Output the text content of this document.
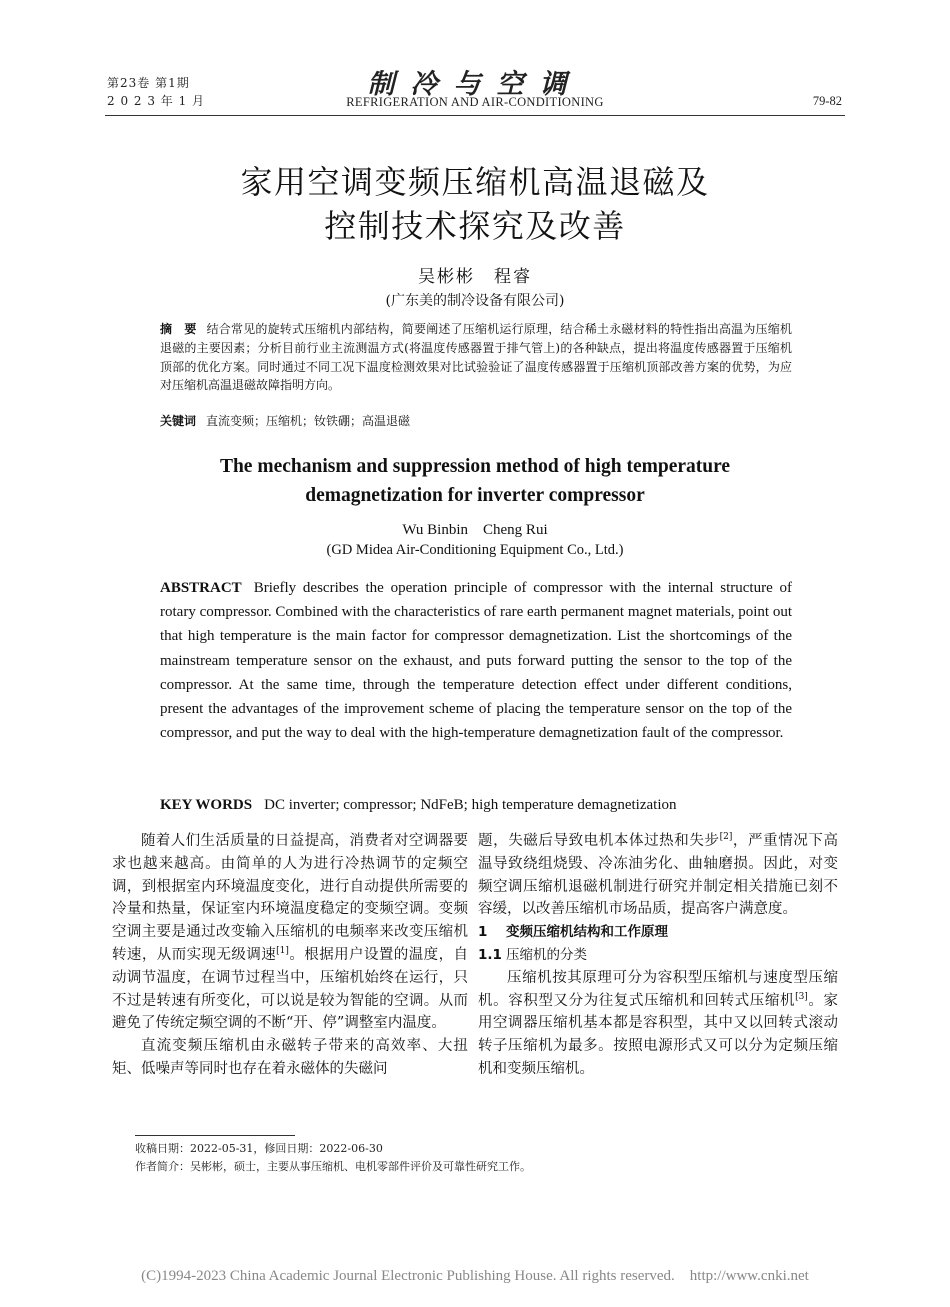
第23卷 第1期
2 0 2 3 年 1 月
制冷与空调
REFRIGERATION AND AIR-CONDITIONING	79-82
家用空调变频压缩机高温退磁及
控制技术探究及改善
吴彬彬　程睿
(广东美的制冷设备有限公司)
摘　要 结合常见的旋转式压缩机内部结构，简要阐述了压缩机运行原理，结合稀土永磁材料的特性指出高温为压缩机退磁的主要因素；分析目前行业主流测温方式(将温度传感器置于排气管上)的各种缺点，提出将温度传感器置于压缩机顶部的优化方案。同时通过不同工况下温度检测效果对比试验验证了温度传感器置于压缩机顶部改善方案的优势，为应对压缩机高温退磁故障指明方向。
关键词 直流变频；压缩机；钕铁硼；高温退磁
The mechanism and suppression method of high temperature
demagnetization for inverter compressor
Wu Binbin　Cheng Rui
(GD Midea Air-Conditioning Equipment Co., Ltd.)
ABSTRACT Briefly describes the operation principle of compressor with the internal structure of rotary compressor. Combined with the characteristics of rare earth permanent magnet materials, point out that high temperature is the main factor for compressor demagnetization. List the shortcomings of the mainstream temperature sensor on the exhaust, and puts forward putting the sensor to the top of the compressor. At the same time, through the temperature detection effect under different conditions, present the advantages of the improvement scheme of placing the temperature sensor on the top of the compressor, and put the way to deal with the high-temperature demagnetization fault of the compressor.
KEY WORDS DC inverter; compressor; NdFeB; high temperature demagnetization

随着人们生活质量的日益提高，消费者对空调器要求也越来越高。由简单的人为进行冷热调节的定频空调，到根据室内环境温度变化，进行自动提供所需要的冷量和热量，保证室内环境温度稳定的变频空调。变频空调主要是通过改变输入压缩机的电频率来改变压缩机转速，从而实现无级调速[1]。根据用户设置的温度，自动调节温度，在调节过程当中，压缩机始终在运行，只不过是转速有所变化，可以说是较为智能的空调。从而避免了传统定频空调的不断“开、停”调整室内温度。

直流变频压缩机由永磁转子带来的高效率、大扭矩、低噪声等同时也存在着永磁体的失磁问

题，失磁后导致电机本体过热和失步[2]，严重情况下高温导致绕组烧毁、冷冻油劣化、曲轴磨损。因此，对变频空调压缩机退磁机制进行研究并制定相关措施已刻不容缓，以改善压缩机市场品质，提高客户满意度。

1 变频压缩机结构和工作原理

1.1 压缩机的分类

压缩机按其原理可分为容积型压缩机与速度型压缩机。容积型又分为往复式压缩机和回转式压缩机[3]。家用空调器压缩机基本都是容积型，其中又以回转式滚动转子压缩机为最多。按照电源形式又可以分为定频压缩机和变频压缩机。

收稿日期：2022-05-31，修回日期：2022-06-30
作者简介：吴彬彬，硕士，主要从事压缩机、电机零部件评价及可靠性研究工作。
(C)1994-2023 China Academic Journal Electronic Publishing House. All rights reserved.　http://www.cnki.net
